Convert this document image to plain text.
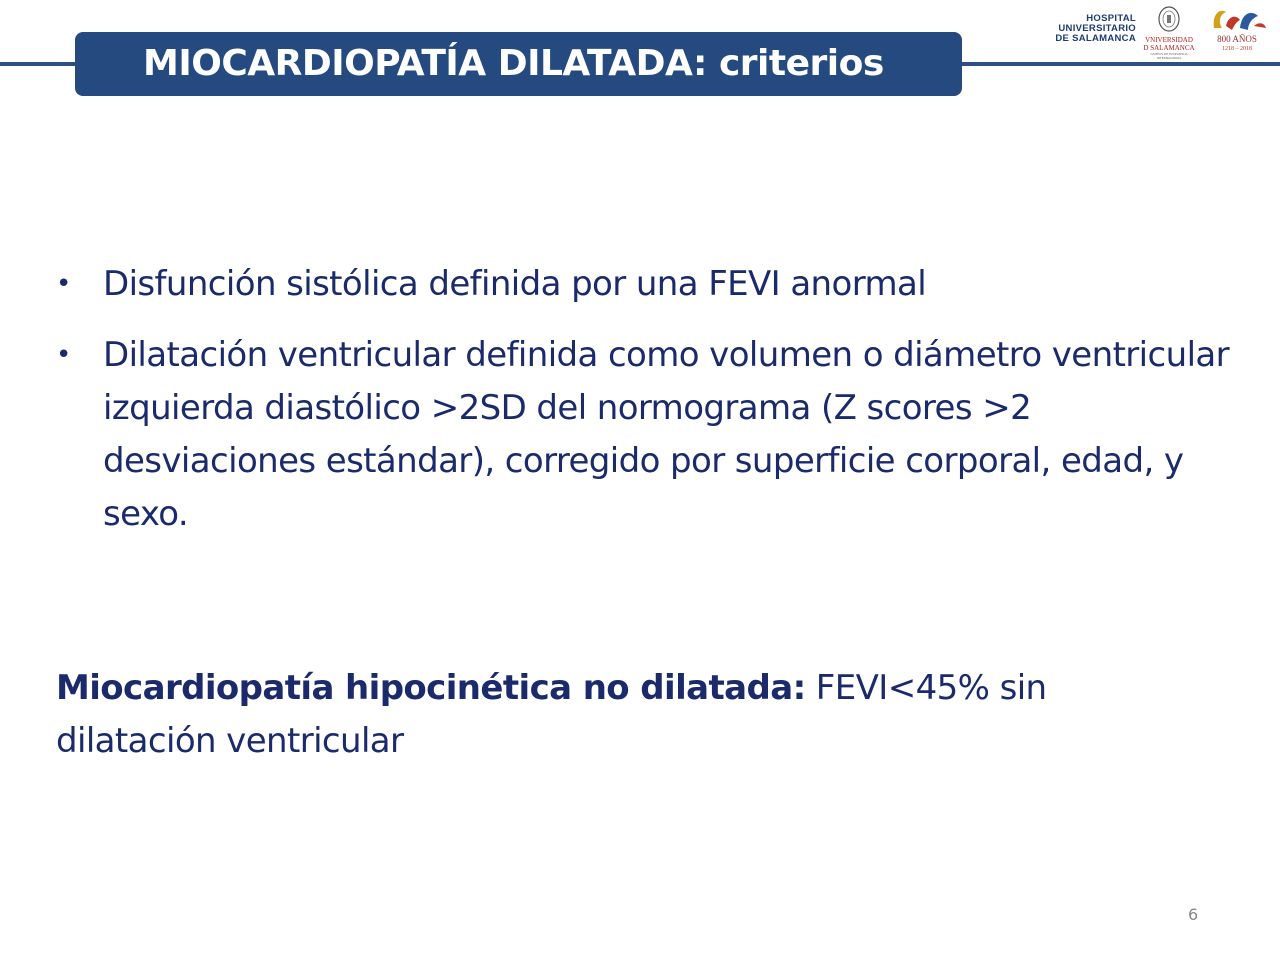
MIOCARDIOPATÍA DILATADA: criterios
HOSPITAL
UNIVERSITARIO
DE SALAMANCA	VNIVERSIDAD
D SALAMANCA
CAMPUS DE EXCELENCIA INTERNACIONAL
800 AÑOS
1218 – 2018
• Disfunción sistólica definida por una FEVI anormal
• Dilatación ventricular definida como volumen o diámetro ventricular izquierda diastólico >2SD del normograma (Z scores >2 desviaciones estándar), corregido por superficie corporal, edad, y sexo.

Miocardiopatía hipocinética no dilatada: FEVI<45% sin dilatación ventricular

6
